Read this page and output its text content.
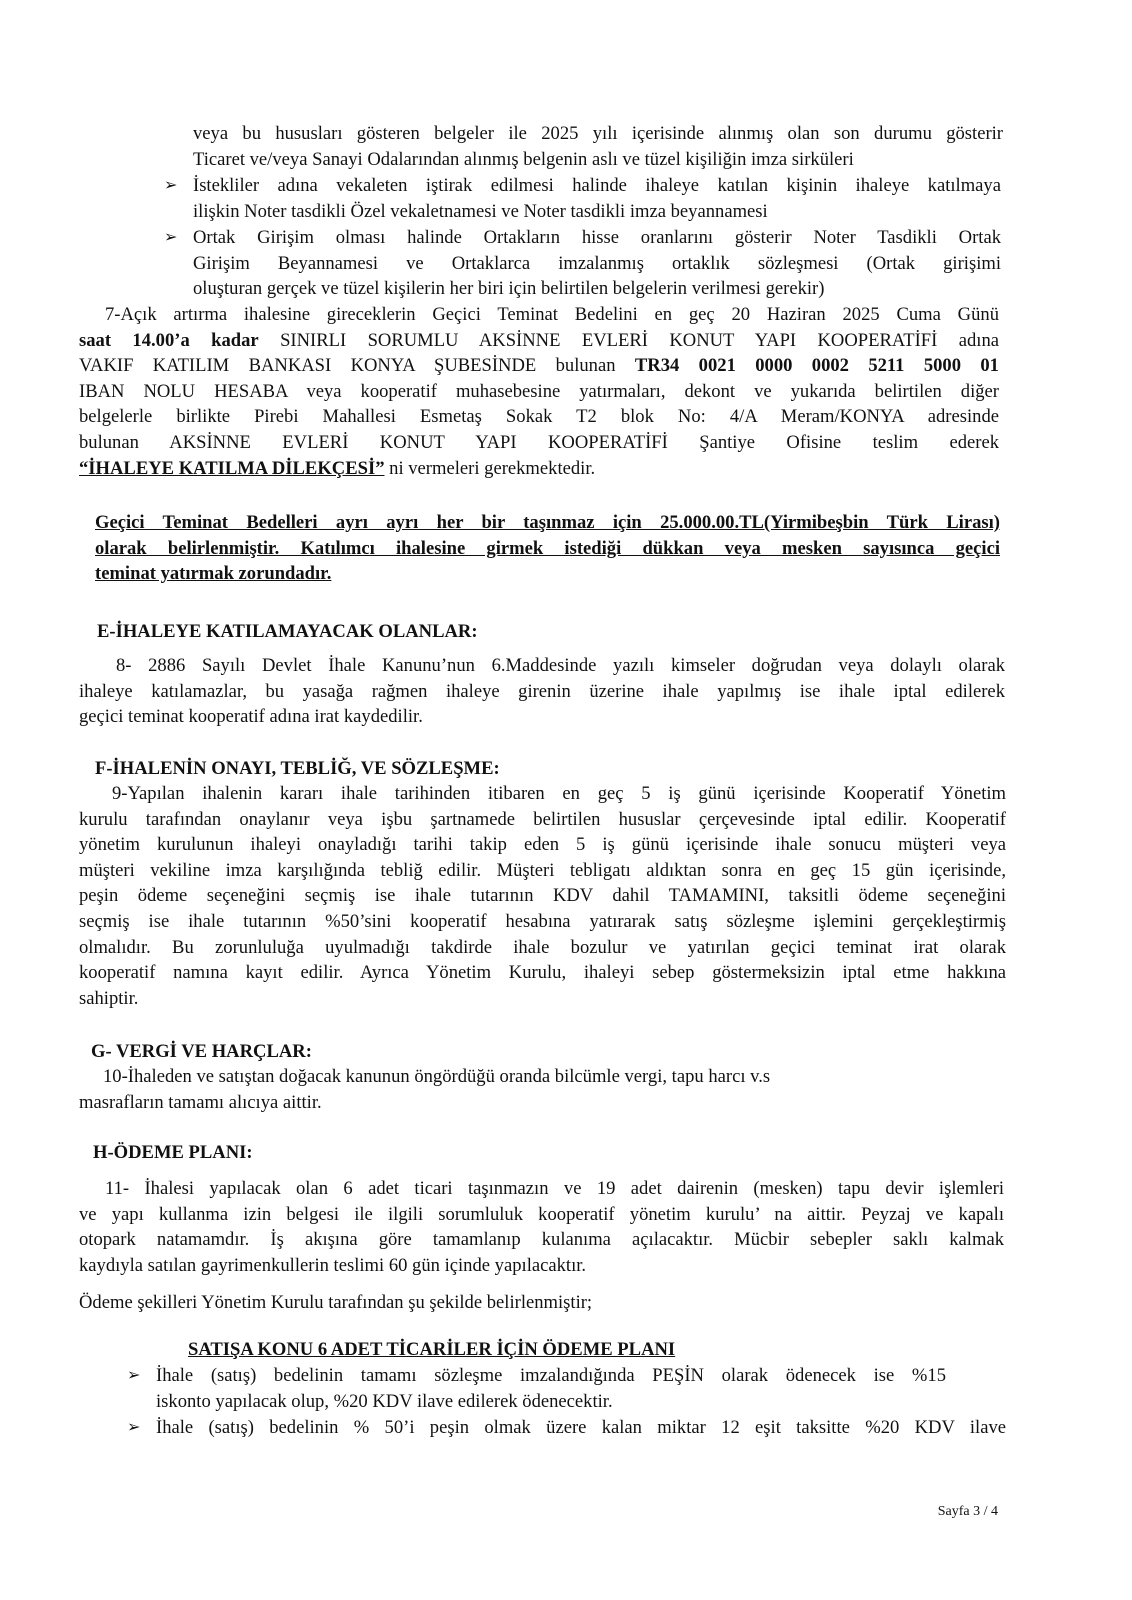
veya bu hususları gösteren belgeler ile 2025 yılı içerisinde alınmış olan son durumu gösterir
Ticaret ve/veya Sanayi Odalarından alınmış belgenin aslı ve tüzel kişiliğin imza sirküleri
➢ İstekliler adına vekaleten iştirak edilmesi halinde ihaleye katılan kişinin ihaleye katılmaya
ilişkin Noter tasdikli Özel vekaletnamesi ve Noter tasdikli imza beyannamesi
➢ Ortak Girişim olması halinde Ortakların hisse oranlarını gösterir Noter Tasdikli Ortak
Girişim Beyannamesi ve Ortaklarca imzalanmış ortaklık sözleşmesi (Ortak girişimi
oluşturan gerçek ve tüzel kişilerin her biri için belirtilen belgelerin verilmesi gerekir)
7-Açık artırma ihalesine gireceklerin Geçici Teminat Bedelini en geç 20 Haziran 2025 Cuma Günü
saat 14.00’a kadar SINIRLI SORUMLU AKSİNNE EVLERİ KONUT YAPI KOOPERATİFİ adına
VAKIF KATILIM BANKASI KONYA ŞUBESİNDE bulunan TR34 0021 0000 0002 5211 5000 01
IBAN NOLU HESABA veya kooperatif muhasebesine yatırmaları, dekont ve yukarıda belirtilen diğer
belgelerle birlikte Pirebi Mahallesi Esmetaş Sokak T2 blok No: 4/A Meram/KONYA adresinde
bulunan AKSİNNE EVLERİ KONUT YAPI KOOPERATİFİ Şantiye Ofisine teslim ederek
“İHALEYE KATILMA DİLEKÇESİ” ni vermeleri gerekmektedir.
Geçici Teminat Bedelleri ayrı ayrı her bir taşınmaz için 25.000.00.TL(Yirmibeşbin Türk Lirası)
olarak belirlenmiştir. Katılımcı ihalesine girmek istediği dükkan veya mesken sayısınca geçici
teminat yatırmak zorundadır.
E-İHALEYE KATILAMAYACAK OLANLAR:
8- 2886 Sayılı Devlet İhale Kanunu’nun 6.Maddesinde yazılı kimseler doğrudan veya dolaylı olarak
ihaleye katılamazlar, bu yasağa rağmen ihaleye girenin üzerine ihale yapılmış ise ihale iptal edilerek
geçici teminat kooperatif adına irat kaydedilir.
F-İHALENİN ONAYI, TEBLİĞ, VE SÖZLEŞME:
9-Yapılan ihalenin kararı ihale tarihinden itibaren en geç 5 iş günü içerisinde Kooperatif Yönetim
kurulu tarafından onaylanır veya işbu şartnamede belirtilen hususlar çerçevesinde iptal edilir. Kooperatif
yönetim kurulunun ihaleyi onayladığı tarihi takip eden 5 iş günü içerisinde ihale sonucu müşteri veya
müşteri vekiline imza karşılığında tebliğ edilir. Müşteri tebligatı aldıktan sonra en geç 15 gün içerisinde,
peşin ödeme seçeneğini seçmiş ise ihale tutarının KDV dahil TAMAMINI, taksitli ödeme seçeneğini
seçmiş ise ihale tutarının %50’sini kooperatif hesabına yatırarak satış sözleşme işlemini gerçekleştirmiş
olmalıdır. Bu zorunluluğa uyulmadığı takdirde ihale bozulur ve yatırılan geçici teminat irat olarak
kooperatif namına kayıt edilir. Ayrıca Yönetim Kurulu, ihaleyi sebep göstermeksizin iptal etme hakkına
sahiptir.
G- VERGİ VE HARÇLAR:
10-İhaleden ve satıştan doğacak kanunun öngördüğü oranda bilcümle vergi, tapu harcı v.s
masrafların tamamı alıcıya aittir.
H-ÖDEME PLANI:
11- İhalesi yapılacak olan 6 adet ticari taşınmazın ve 19 adet dairenin (mesken) tapu devir işlemleri
ve yapı kullanma izin belgesi ile ilgili sorumluluk kooperatif yönetim kurulu’ na aittir. Peyzaj ve kapalı
otopark natamamdır. İş akışına göre tamamlanıp kulanıma açılacaktır. Mücbir sebepler saklı kalmak
kaydıyla satılan gayrimenkullerin teslimi 60 gün içinde yapılacaktır.
Ödeme şekilleri Yönetim Kurulu tarafından şu şekilde belirlenmiştir;
SATIŞA KONU 6 ADET TİCARİLER İÇİN ÖDEME PLANI
➢ İhale (satış) bedelinin tamamı sözleşme imzalandığında PEŞİN olarak ödenecek ise %15
iskonto yapılacak olup, %20 KDV ilave edilerek ödenecektir.
➢ İhale (satış) bedelinin % 50’i peşin olmak üzere kalan miktar 12 eşit taksitte %20 KDV ilave
Sayfa 3 / 4
